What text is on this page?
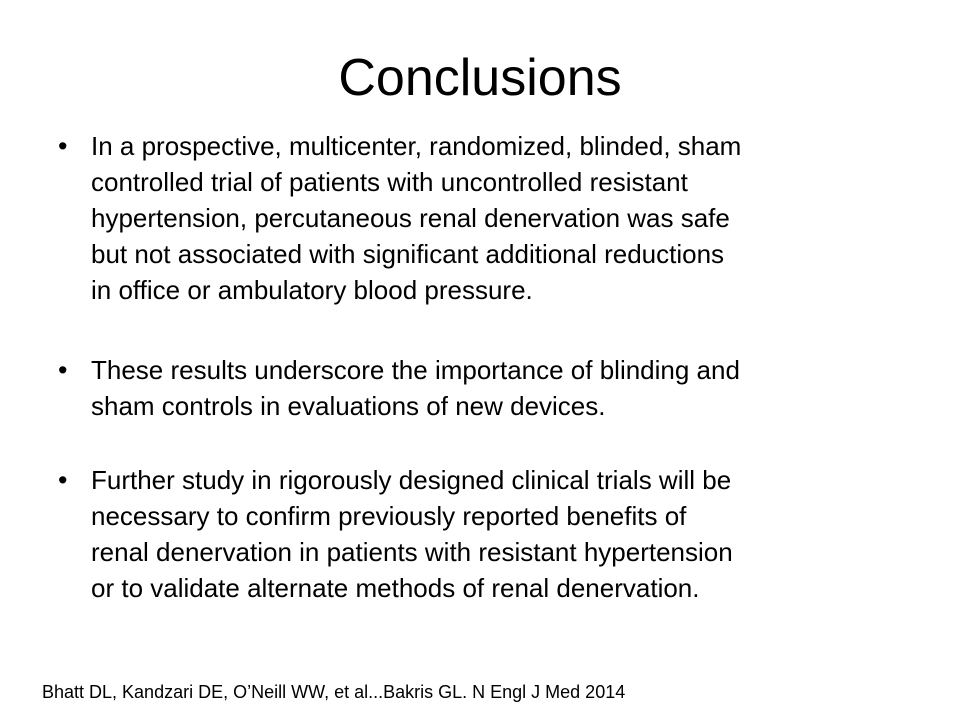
Conclusions
• In a prospective, multicenter, randomized, blinded, sham
controlled trial of patients with uncontrolled resistant
hypertension, percutaneous renal denervation was safe
but not associated with significant additional reductions
in office or ambulatory blood pressure.

• These results underscore the importance of blinding and
sham controls in evaluations of new devices.

• Further study in rigorously designed clinical trials will be
necessary to confirm previously reported benefits of
renal denervation in patients with resistant hypertension
or to validate alternate methods of renal denervation.

Bhatt DL, Kandzari DE, O’Neill WW, et al...Bakris GL. N Engl J Med 2014
